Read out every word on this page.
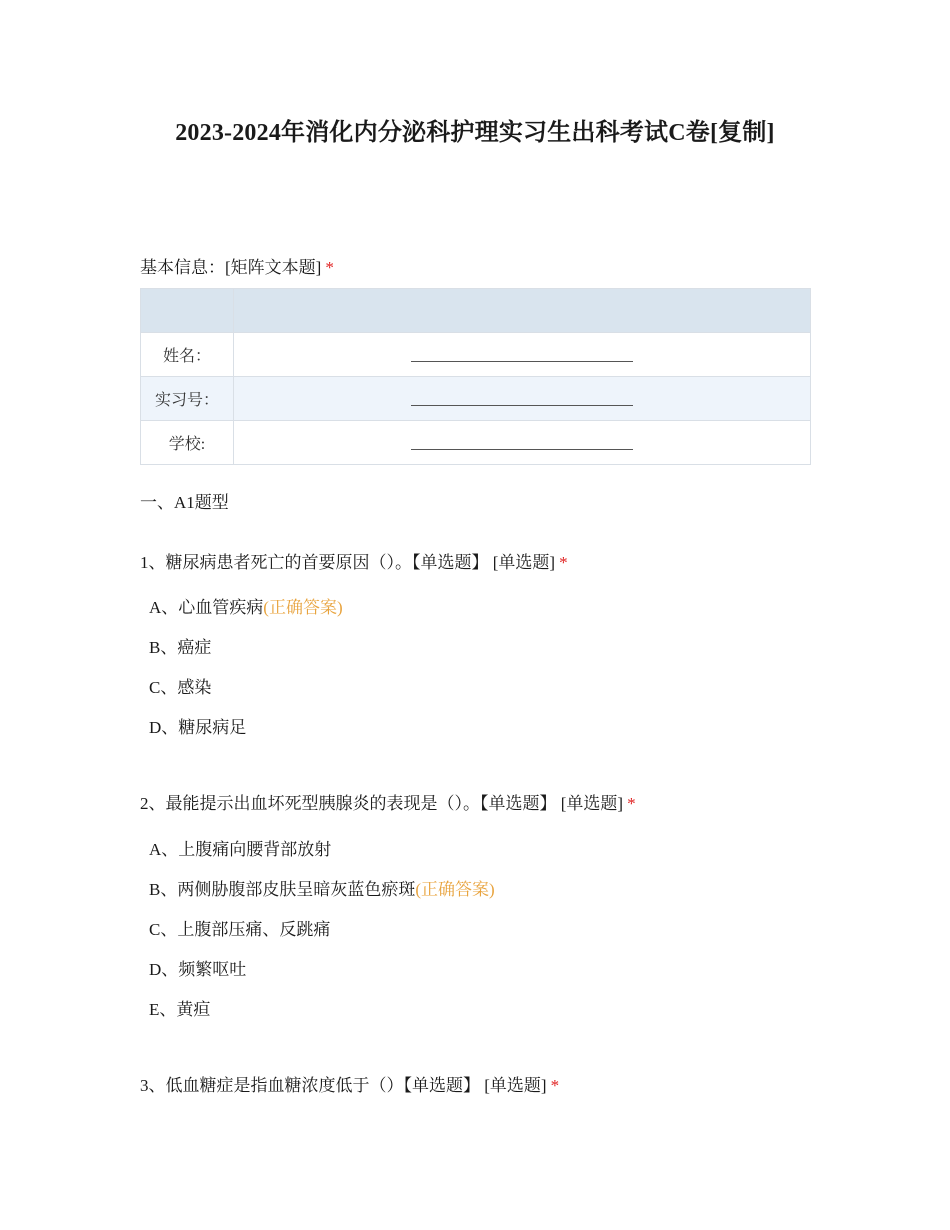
2023-2024年消化内分泌科护理实习生出科考试C卷[复制]
基本信息：[矩阵文本题] *

姓名：	
实习号：	
学校:	
一、A1题型
1、糖尿病患者死亡的首要原因（）。【单选题】 [单选题] *
A、心血管疾病(正确答案)
B、癌症
C、感染
D、糖尿病足
2、最能提示出血坏死型胰腺炎的表现是（）。【单选题】 [单选题] *
A、上腹痛向腰背部放射
B、两侧胁腹部皮肤呈暗灰蓝色瘀斑(正确答案)
C、上腹部压痛、反跳痛
D、频繁呕吐
E、黄疸
3、低血糖症是指血糖浓度低于（）【单选题】 [单选题] *
